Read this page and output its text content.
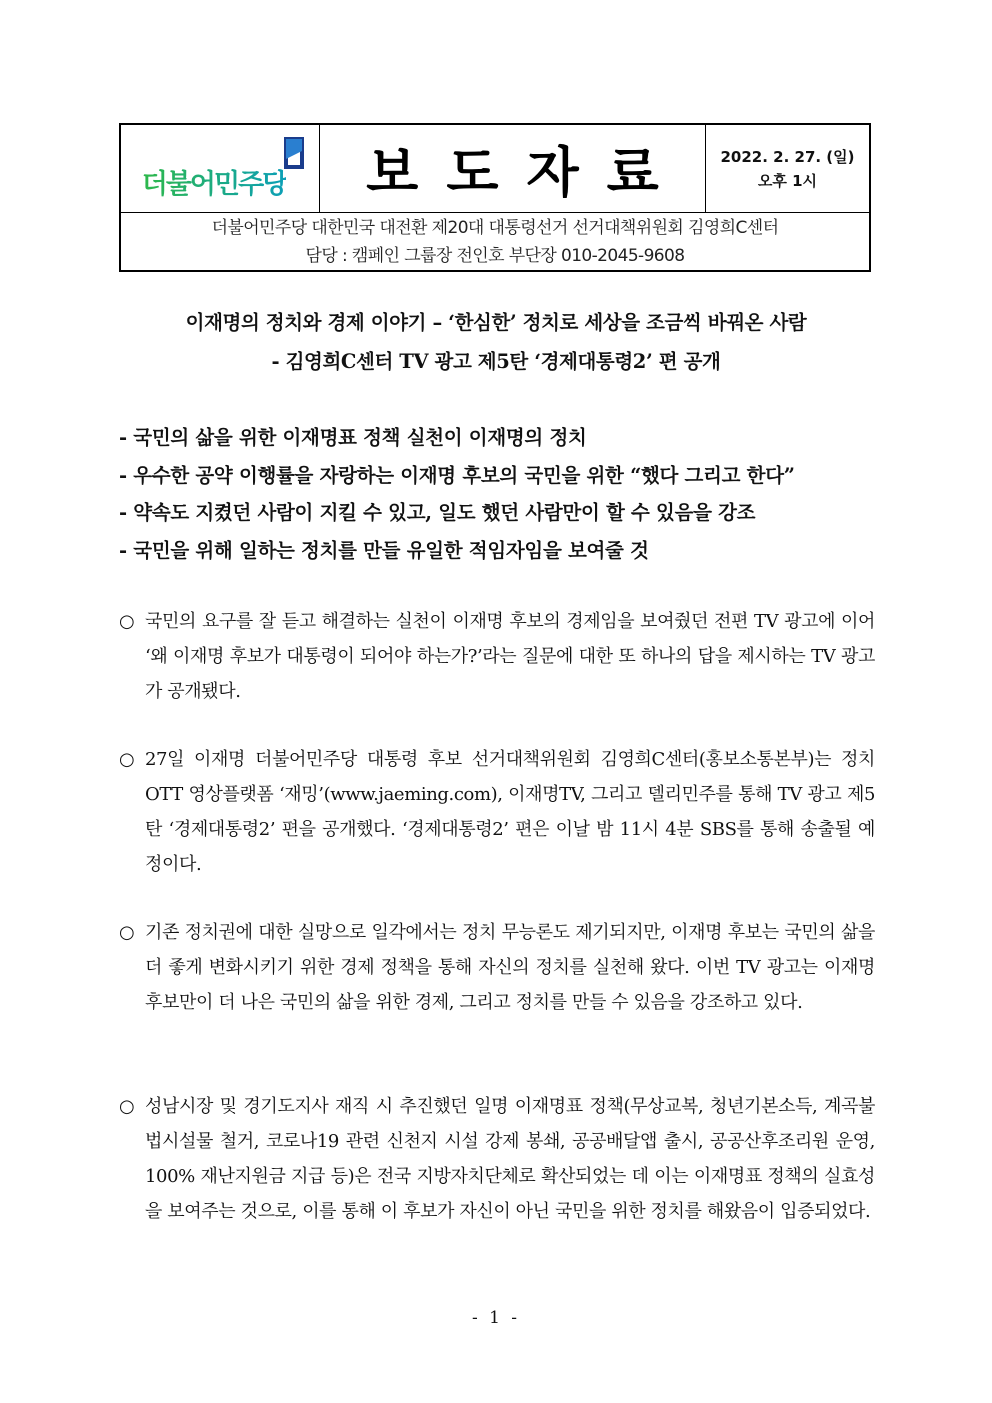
더불어민주당 보도자료 2022. 2. 27. (일)
오후 1시
더불어민주당 대한민국 대전환 제20대 대통령선거 선거대책위원회 김영희C센터
담당 : 캠페인 그룹장 전인호 부단장 010-2045-9608
이재명의 정치와 경제 이야기 – ‘한심한’ 정치로 세상을 조금씩 바꿔온 사람
- 김영희C센터 TV 광고 제5탄 ‘경제대통령2’ 편 공개
- 국민의 삶을 위한 이재명표 정책 실천이 이재명의 정치
- 우수한 공약 이행률을 자랑하는 이재명 후보의 국민을 위한 “했다 그리고 한다”
- 약속도 지켰던 사람이 지킬 수 있고, 일도 했던 사람만이 할 수 있음을 강조
- 국민을 위해 일하는 정치를 만들 유일한 적임자임을 보여줄 것
○ 국민의 요구를 잘 듣고 해결하는 실천이 이재명 후보의 경제임을 보여줬던 전편 TV 광고에 이어 ‘왜 이재명 후보가 대통령이 되어야 하는가?’라는 질문에 대한 또 하나의 답을 제시하는 TV 광고가 공개됐다.
○ 27일 이재명 더불어민주당 대통령 후보 선거대책위원회 김영희C센터(홍보소통본부)는 정치OTT 영상플랫폼 ‘재밍’(www.jaeming.com), 이재명TV, 그리고 델리민주를 통해 TV 광고 제5탄 ‘경제대통령2’ 편을 공개했다. ‘경제대통령2’ 편은 이날 밤 11시 4분 SBS를 통해 송출될 예정이다.
○ 기존 정치권에 대한 실망으로 일각에서는 정치 무능론도 제기되지만, 이재명 후보는 국민의 삶을 더 좋게 변화시키기 위한 경제 정책을 통해 자신의 정치를 실천해 왔다. 이번 TV 광고는 이재명 후보만이 더 나은 국민의 삶을 위한 경제, 그리고 정치를 만들 수 있음을 강조하고 있다.
○ 성남시장 및 경기도지사 재직 시 추진했던 일명 이재명표 정책(무상교복, 청년기본소득, 계곡불법시설물 철거, 코로나19 관련 신천지 시설 강제 봉쇄, 공공배달앱 출시, 공공산후조리원 운영, 100% 재난지원금 지급 등)은 전국 지방자치단체로 확산되었는 데 이는 이재명표 정책의 실효성을 보여주는 것으로, 이를 통해 이 후보가 자신이 아닌 국민을 위한 정치를 해왔음이 입증되었다.
- 1 -
